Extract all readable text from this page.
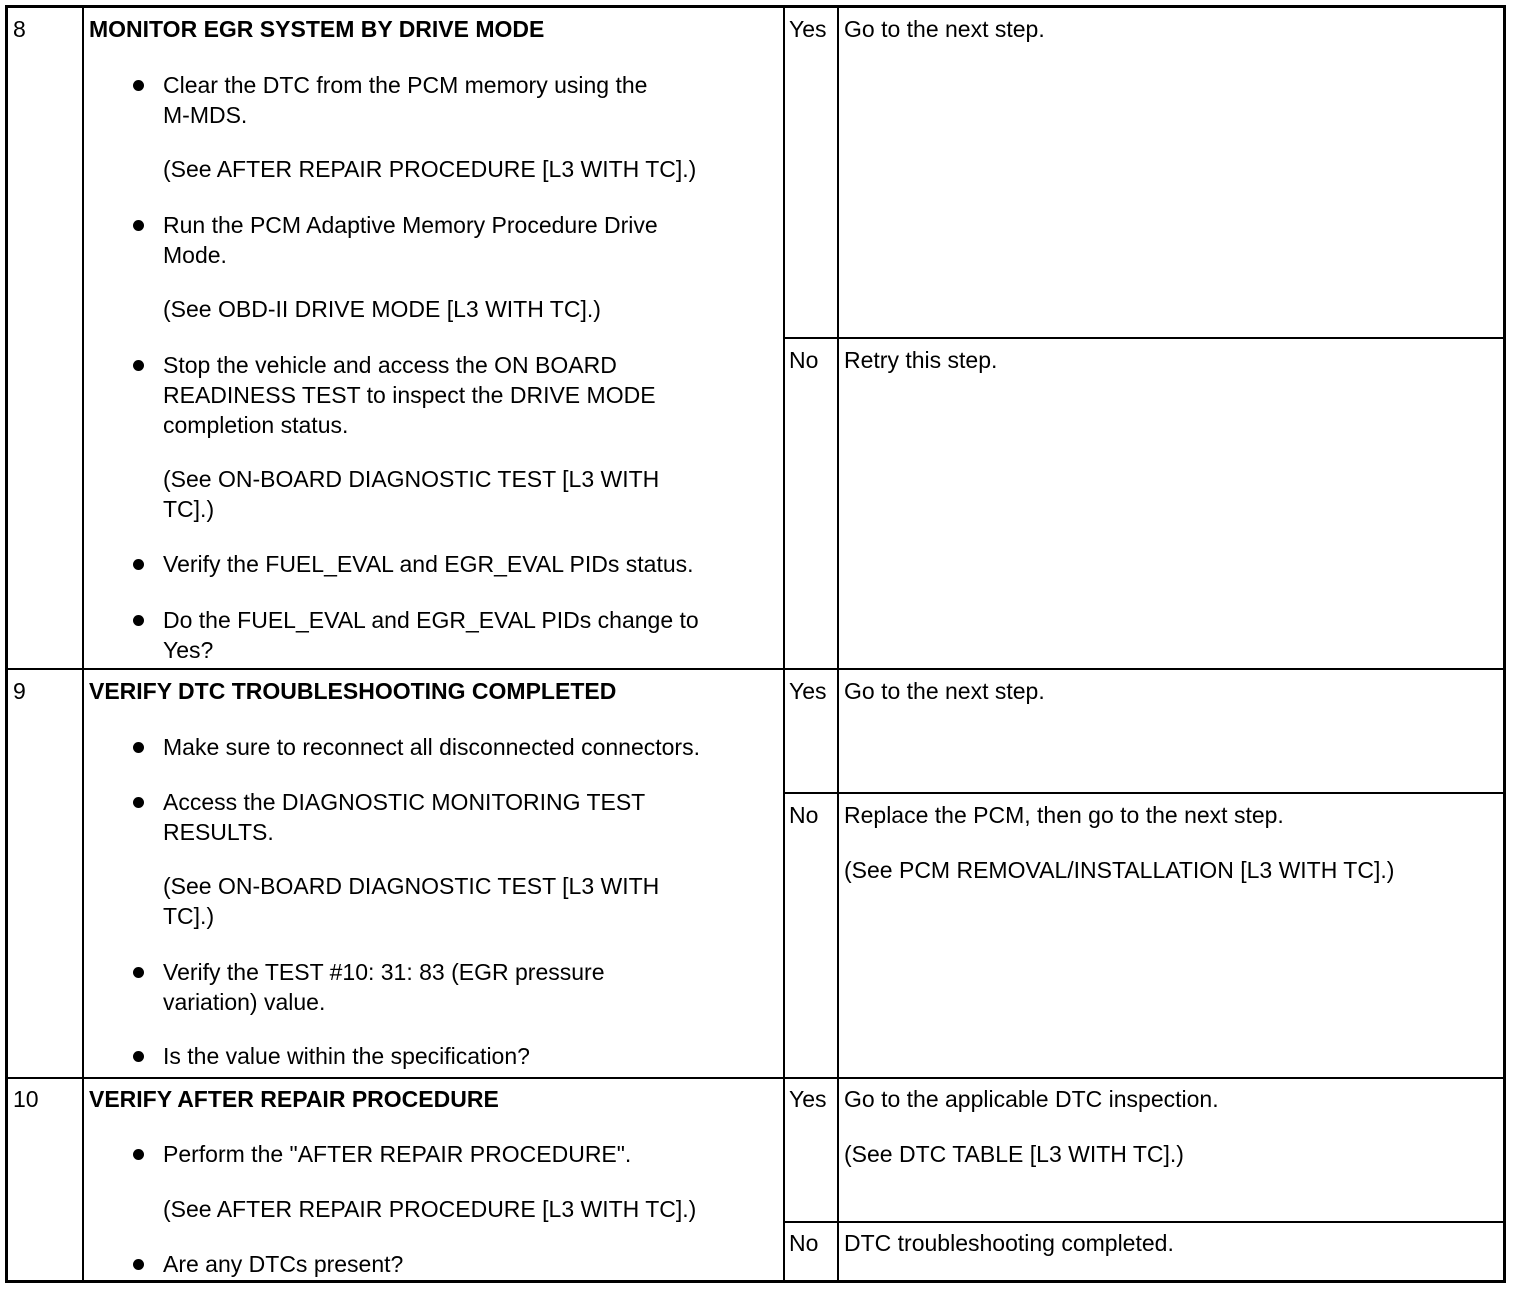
8	MONITOR EGR SYSTEM BY DRIVE MODE
Clear the DTC from the PCM memory using the
M-MDS.
(See AFTER REPAIR PROCEDURE [L3 WITH TC].)
Run the PCM Adaptive Memory Procedure Drive
Mode.
(See OBD-II DRIVE MODE [L3 WITH TC].)
Stop the vehicle and access the ON BOARD
READINESS TEST to inspect the DRIVE MODE
completion status.
(See ON-BOARD DIAGNOSTIC TEST [L3 WITH
TC].)
Verify the FUEL_EVAL and EGR_EVAL PIDs status.
Do the FUEL_EVAL and EGR_EVAL PIDs change to
Yes?
Yes Go to the next step.
No Retry this step.
9	VERIFY DTC TROUBLESHOOTING COMPLETED
Make sure to reconnect all disconnected connectors.
Access the DIAGNOSTIC MONITORING TEST
RESULTS.
(See ON-BOARD DIAGNOSTIC TEST [L3 WITH
TC].)
Verify the TEST #10: 31: 83 (EGR pressure
variation) value.
Is the value within the specification?
Yes Go to the next step.
No Replace the PCM, then go to the next step.
(See PCM REMOVAL/INSTALLATION [L3 WITH TC].)
10 VERIFY AFTER REPAIR PROCEDURE
Perform the "AFTER REPAIR PROCEDURE".
(See AFTER REPAIR PROCEDURE [L3 WITH TC].)
Are any DTCs present?
Yes Go to the applicable DTC inspection.
(See DTC TABLE [L3 WITH TC].)
No DTC troubleshooting completed.
